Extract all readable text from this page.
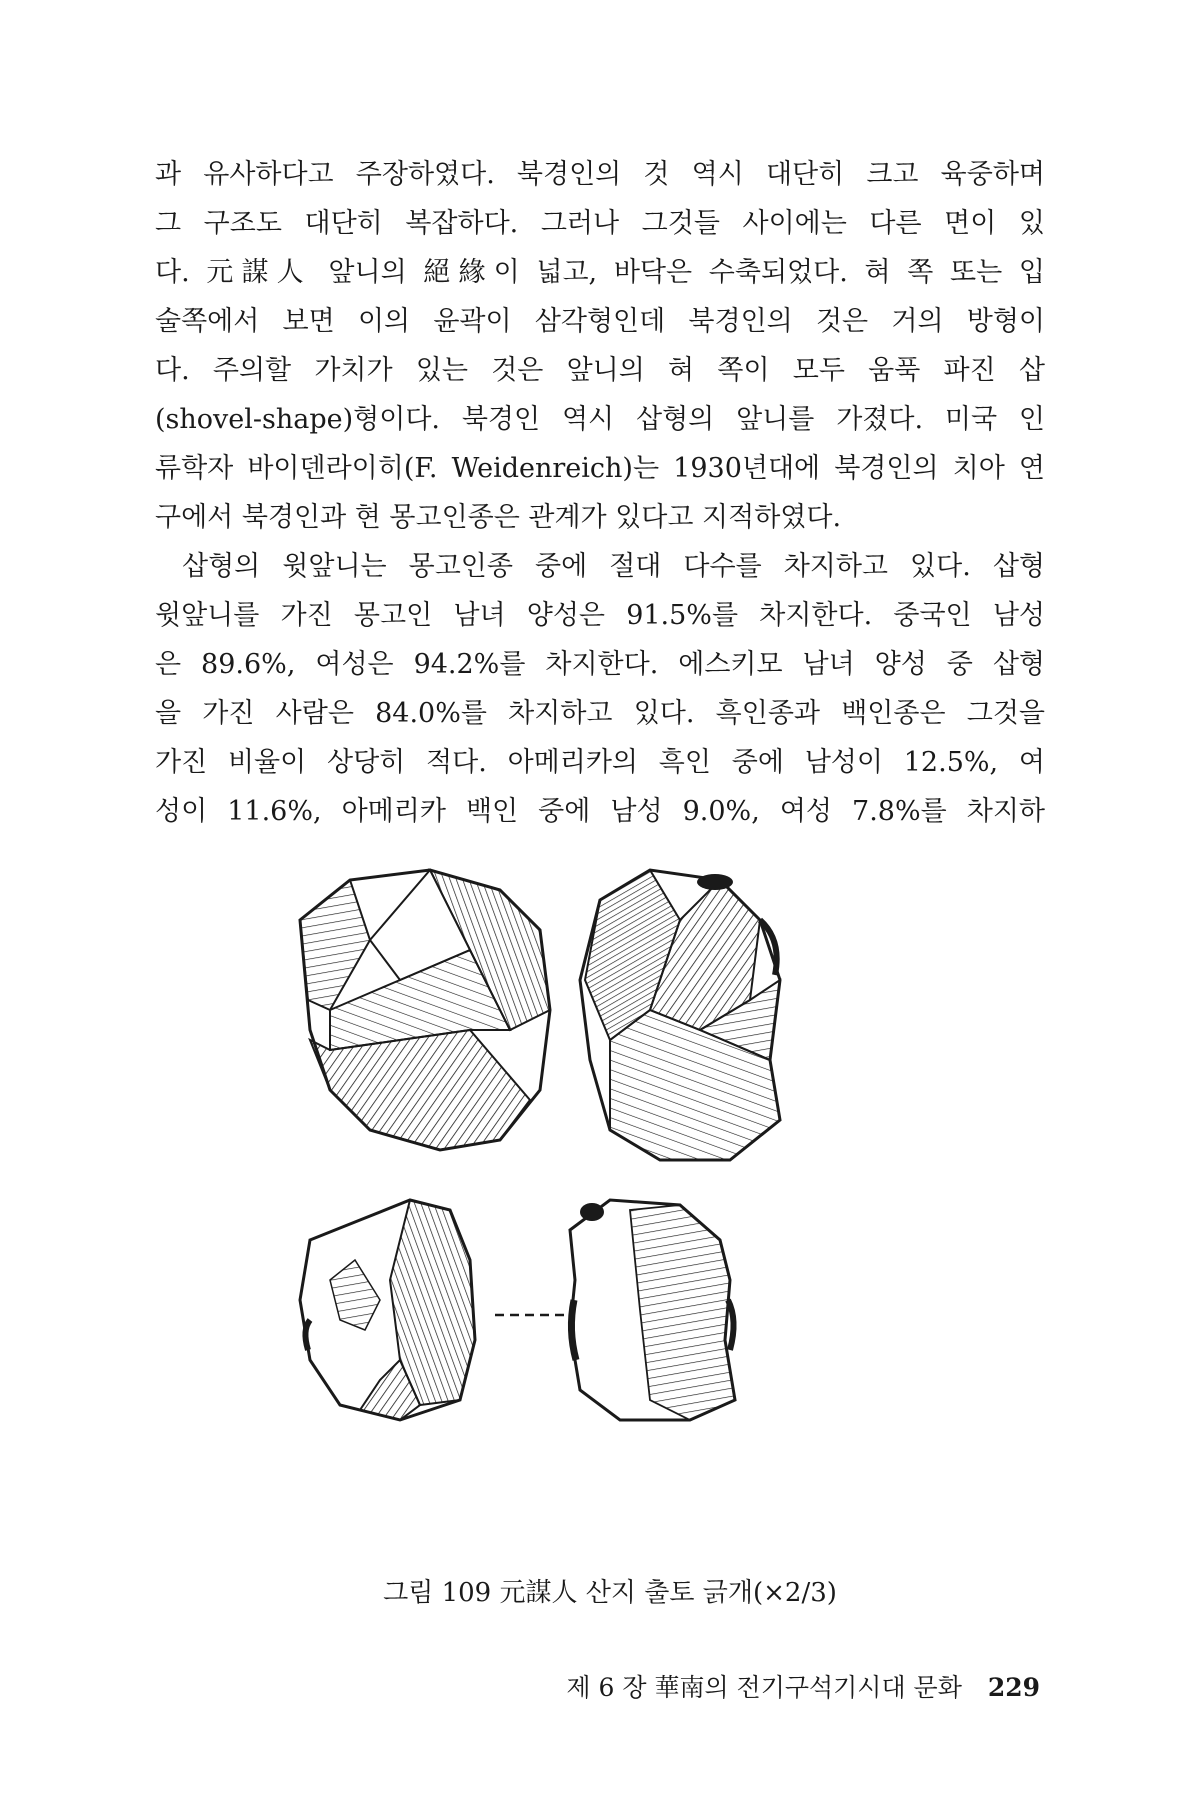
과 유사하다고 주장하였다. 북경인의 것 역시 대단히 크고 육중하며
그 구조도 대단히 복잡하다. 그러나 그것들 사이에는 다른 면이 있
다. 元謀人 앞니의 絕緣이 넓고, 바닥은 수축되었다. 혀 쪽 또는 입
술쪽에서 보면 이의 윤곽이 삼각형인데 북경인의 것은 거의 방형이
다. 주의할 가치가 있는 것은 앞니의 혀 쪽이 모두 움푹 파진 삽
(shovel-shape)형이다. 북경인 역시 삽형의 앞니를 가졌다. 미국 인
류학자 바이덴라이히(F. Weidenreich)는 1930년대에 북경인의 치아 연
구에서 북경인과 현 몽고인종은 관계가 있다고 지적하였다.
삽형의 윗앞니는 몽고인종 중에 절대 다수를 차지하고 있다. 삽형
윗앞니를 가진 몽고인 남녀 양성은 91.5%를 차지한다. 중국인 남성
은 89.6%, 여성은 94.2%를 차지한다. 에스키모 남녀 양성 중 삽형
을 가진 사람은 84.0%를 차지하고 있다. 흑인종과 백인종은 그것을
가진 비율이 상당히 적다. 아메리카의 흑인 중에 남성이 12.5%, 여
성이 11.6%, 아메리카 백인 중에 남성 9.0%, 여성 7.8%를 차지하
그림 109 元謀人 산지 출토 긁개(×2/3)
제 6 장 華南의 전기구석기시대 문화 229
